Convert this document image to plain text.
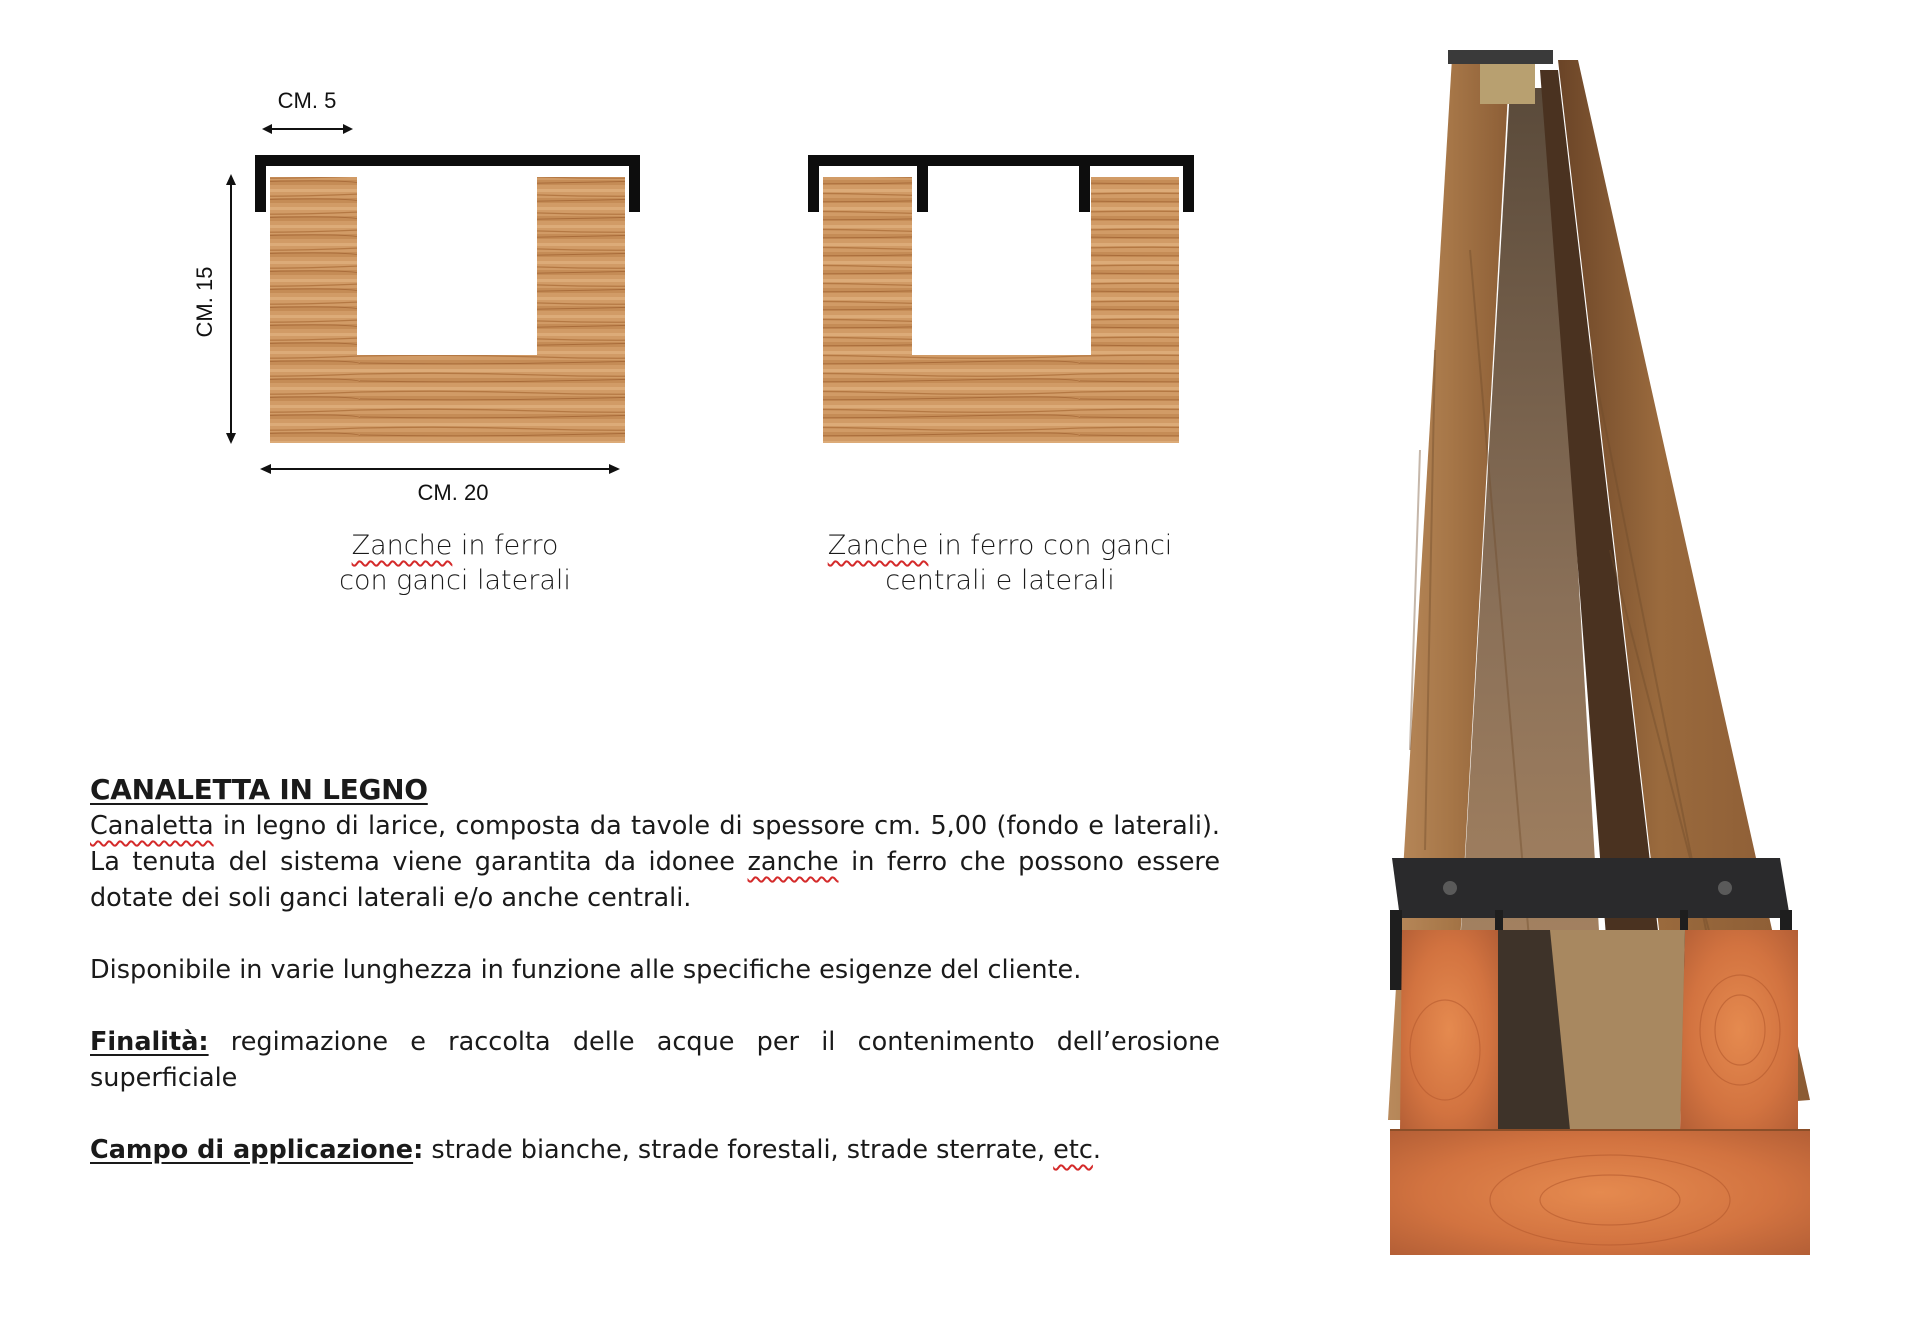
CM. 5
CM. 15
CM. 20
Zanche in ferro
con ganci laterali
Zanche in ferro con ganci
centrali e laterali

CANALETTA IN LEGNO

Canaletta in legno di larice, composta da tavole di spessore cm. 5,00 (fondo e laterali). La tenuta del sistema viene garantita da idonee zanche in ferro che possono essere dotate dei soli ganci laterali e/o anche centrali.

Disponibile in varie lunghezza in funzione alle specifiche esigenze del cliente.

Finalità: regimazione e raccolta delle acque per il contenimento dell’erosione superficiale

Campo di applicazione: strade bianche, strade forestali, strade sterrate, etc.
